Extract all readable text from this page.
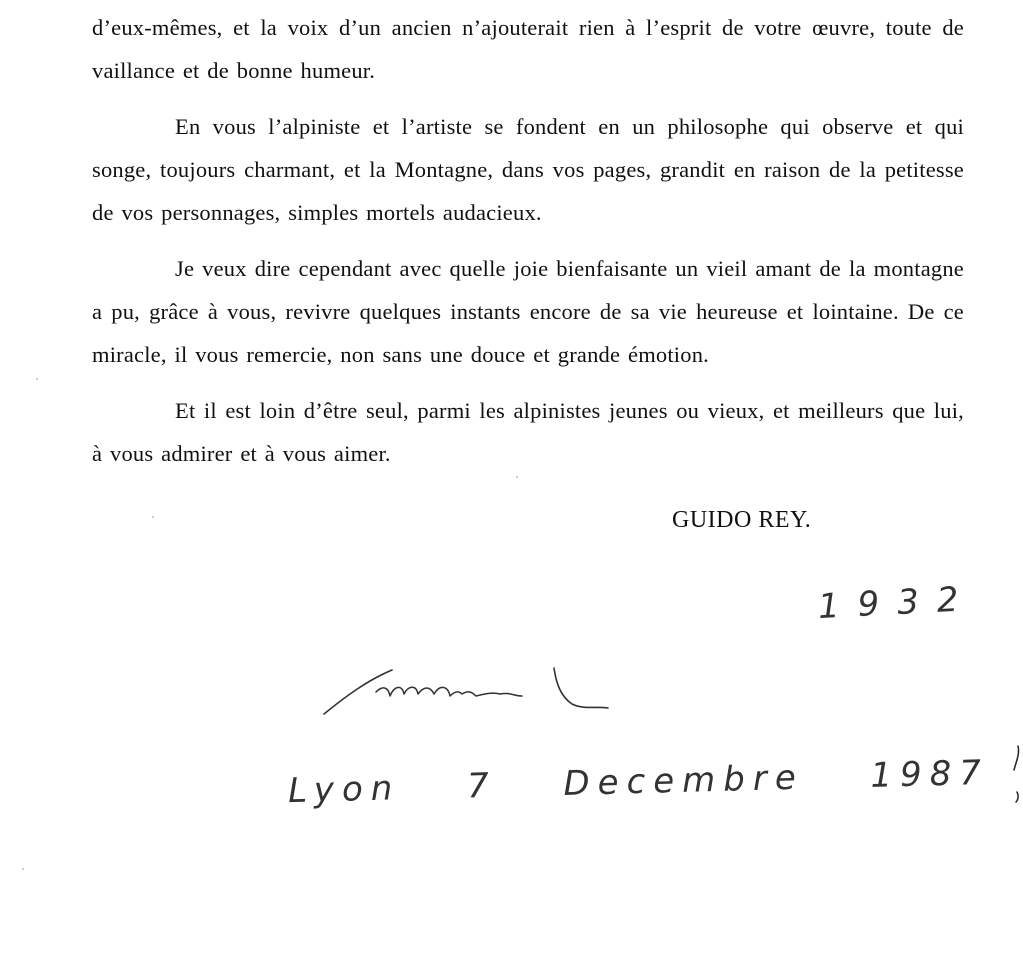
d’eux-mêmes, et la voix d’un ancien n’ajouterait rien à l’esprit de votre œuvre, toute de vaillance et de bonne humeur.

En vous l’alpiniste et l’artiste se fondent en un philosophe qui observe et qui songe, toujours charmant, et la Montagne, dans vos pages, grandit en raison de la petitesse de vos personnages, simples mortels audacieux.

Je veux dire cependant avec quelle joie bienfaisante un vieil amant de la montagne a pu, grâce à vous, revivre quelques instants encore de sa vie heureuse et lointaine. De ce miracle, il vous remercie, non sans une douce et grande émotion.

Et il est loin d’être seul, parmi les alpinistes jeunes ou vieux, et meilleurs que lui, à vous admirer et à vous aimer.

GUIDO REY.
1932
Lyon 7 Decembre 1987
